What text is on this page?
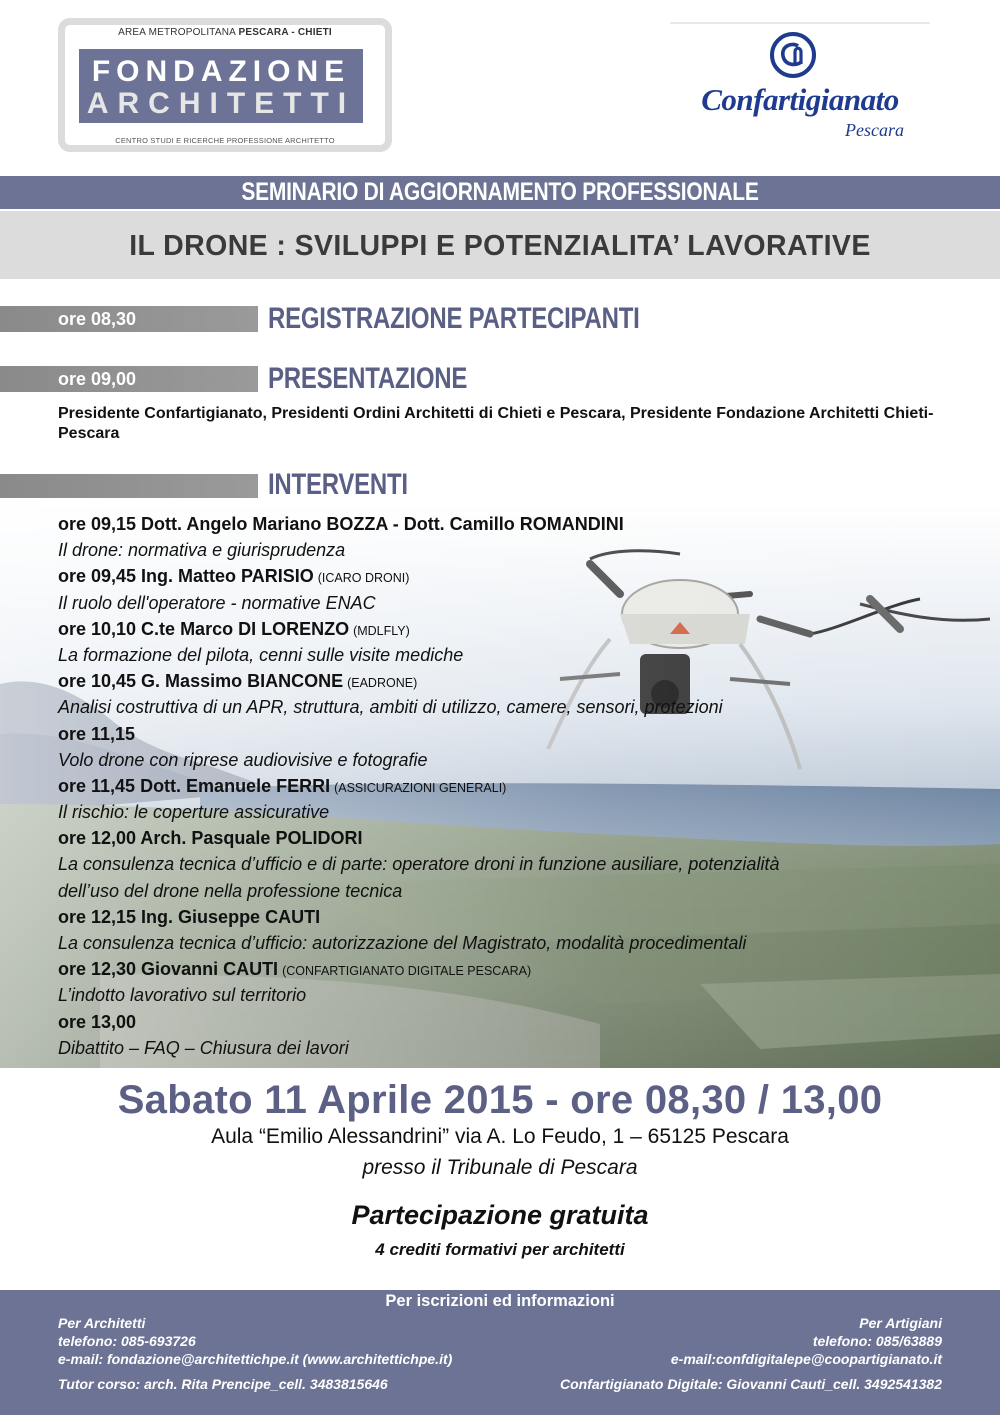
AREA METROPOLITANA PESCARA - CHIETI
FONDAZIONE
ARCHITETTI
CENTRO STUDI E RICERCHE PROFESSIONE ARCHITETTO
Confartigianato
Pescara
SEMINARIO DI AGGIORNAMENTO PROFESSIONALE
IL DRONE : SVILUPPI E POTENZIALITA’ LAVORATIVE
ore 08,30	REGISTRAZIONE PARTECIPANTI
ore 09,00	PRESENTAZIONE
Presidente Confartigianato, Presidenti Ordini Architetti di Chieti e Pescara, Presidente Fondazione Architetti Chieti-Pescara
INTERVENTI
ore 09,15 Dott. Angelo Mariano BOZZA - Dott. Camillo ROMANDINI
Il drone: normativa e giurisprudenza
ore 09,45 Ing. Matteo PARISIO (ICARO DRONI)
Il ruolo dell'operatore - normative ENAC
ore 10,10 C.te Marco DI LORENZO (MDLFLY)
La formazione del pilota, cenni sulle visite mediche
ore 10,45 G. Massimo BIANCONE (EADRONE)
Analisi costruttiva di un APR, struttura, ambiti di utilizzo, camere, sensori, protezioni
ore 11,15
Volo drone con riprese audiovisive e fotografie
ore 11,45 Dott. Emanuele FERRI (ASSICURAZIONI GENERALI)
Il rischio: le coperture assicurative
ore 12,00 Arch. Pasquale POLIDORI
La consulenza tecnica d’ufficio e di parte: operatore droni in funzione ausiliare, potenzialità
dell’uso del drone nella professione tecnica
ore 12,15 Ing. Giuseppe CAUTI
La consulenza tecnica d’ufficio: autorizzazione del Magistrato, modalità procedimentali
ore 12,30 Giovanni CAUTI (CONFARTIGIANATO DIGITALE PESCARA)
L’indotto lavorativo sul territorio
ore 13,00
Dibattito – FAQ – Chiusura dei lavori
Sabato 11 Aprile 2015 - ore 08,30 / 13,00
Aula “Emilio Alessandrini” via A. Lo Feudo, 1 – 65125 Pescara
presso il Tribunale di Pescara
Partecipazione gratuita
4 crediti formativi per architetti
Per iscrizioni ed informazioni
Per Architetti
telefono: 085-693726
e-mail: fondazione@architettichpe.it (www.architettichpe.it)
Per Artigiani
telefono: 085/63889
e-mail:confdigitalepe@coopartigianato.it
Tutor corso: arch. Rita Prencipe_cell. 3483815646	Confartigianato Digitale: Giovanni Cauti_cell. 3492541382
